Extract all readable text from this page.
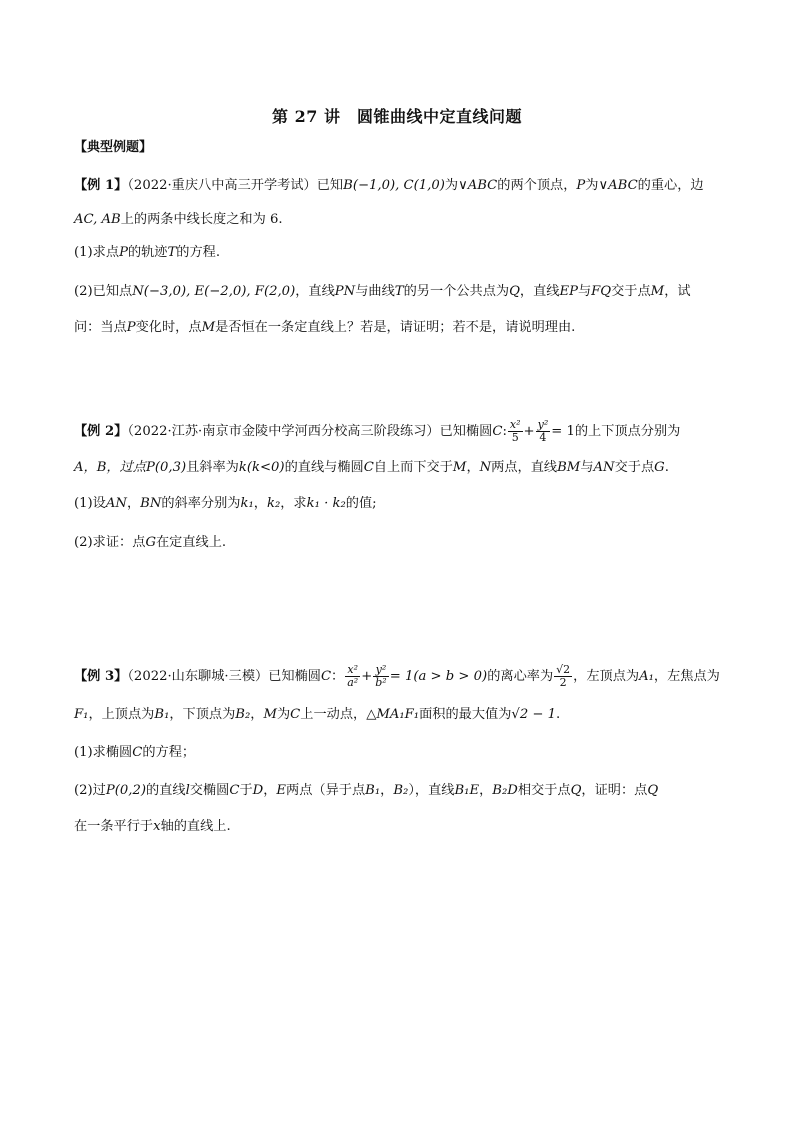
第 27 讲　圆锥曲线中定直线问题
【典型例题】
【例 1】（2022·重庆八中高三开学考试）已知B(−1,0), C(1,0)为∨ABC的两个顶点，P为∨ABC的重心，边
AC, AB上的两条中线长度之和为 6.
(1)求点P的轨迹T的方程.
(2)已知点N(−3,0), E(−2,0), F(2,0)，直线PN与曲线T的另一个公共点为Q，直线EP与FQ交于点M，试
问：当点P变化时，点M是否恒在一条定直线上？若是，请证明；若不是，请说明理由.
【例 2】（2022·江苏·南京市金陵中学河西分校高三阶段练习）已知椭圆C: $\frac{\text{x²}}{5} + \frac{\text{y²}}{4} = 1$的上下顶点分别为
A，B，过点P(0,3)且斜率为k(k<0)的直线与椭圆C自上而下交于M，N两点，直线BM与AN交于点G.
(1)设AN，BN的斜率分别为k₁，k₂，求k₁ · k₂的值;
(2)求证：点G在定直线上.
【例 3】（2022·山东聊城·三模）已知椭圆C： $\frac{\text{x²}}{\text{a²}} + \frac{\text{y²}}{\text{b²}} = 1(a > b > 0)$的离心率为 $\frac{√2}{2}$ ，左顶点为A₁，左焦点为
F₁，上顶点为B₁，下顶点为B₂，M为C上一动点，△MA₁F₁面积的最大值为√2 − 1.
(1)求椭圆C的方程；
(2)过P(0,2)的直线l交椭圆C于D，E两点（异于点B₁，B₂），直线B₁E，B₂D相交于点Q，证明：点Q
在一条平行于x轴的直线上.
